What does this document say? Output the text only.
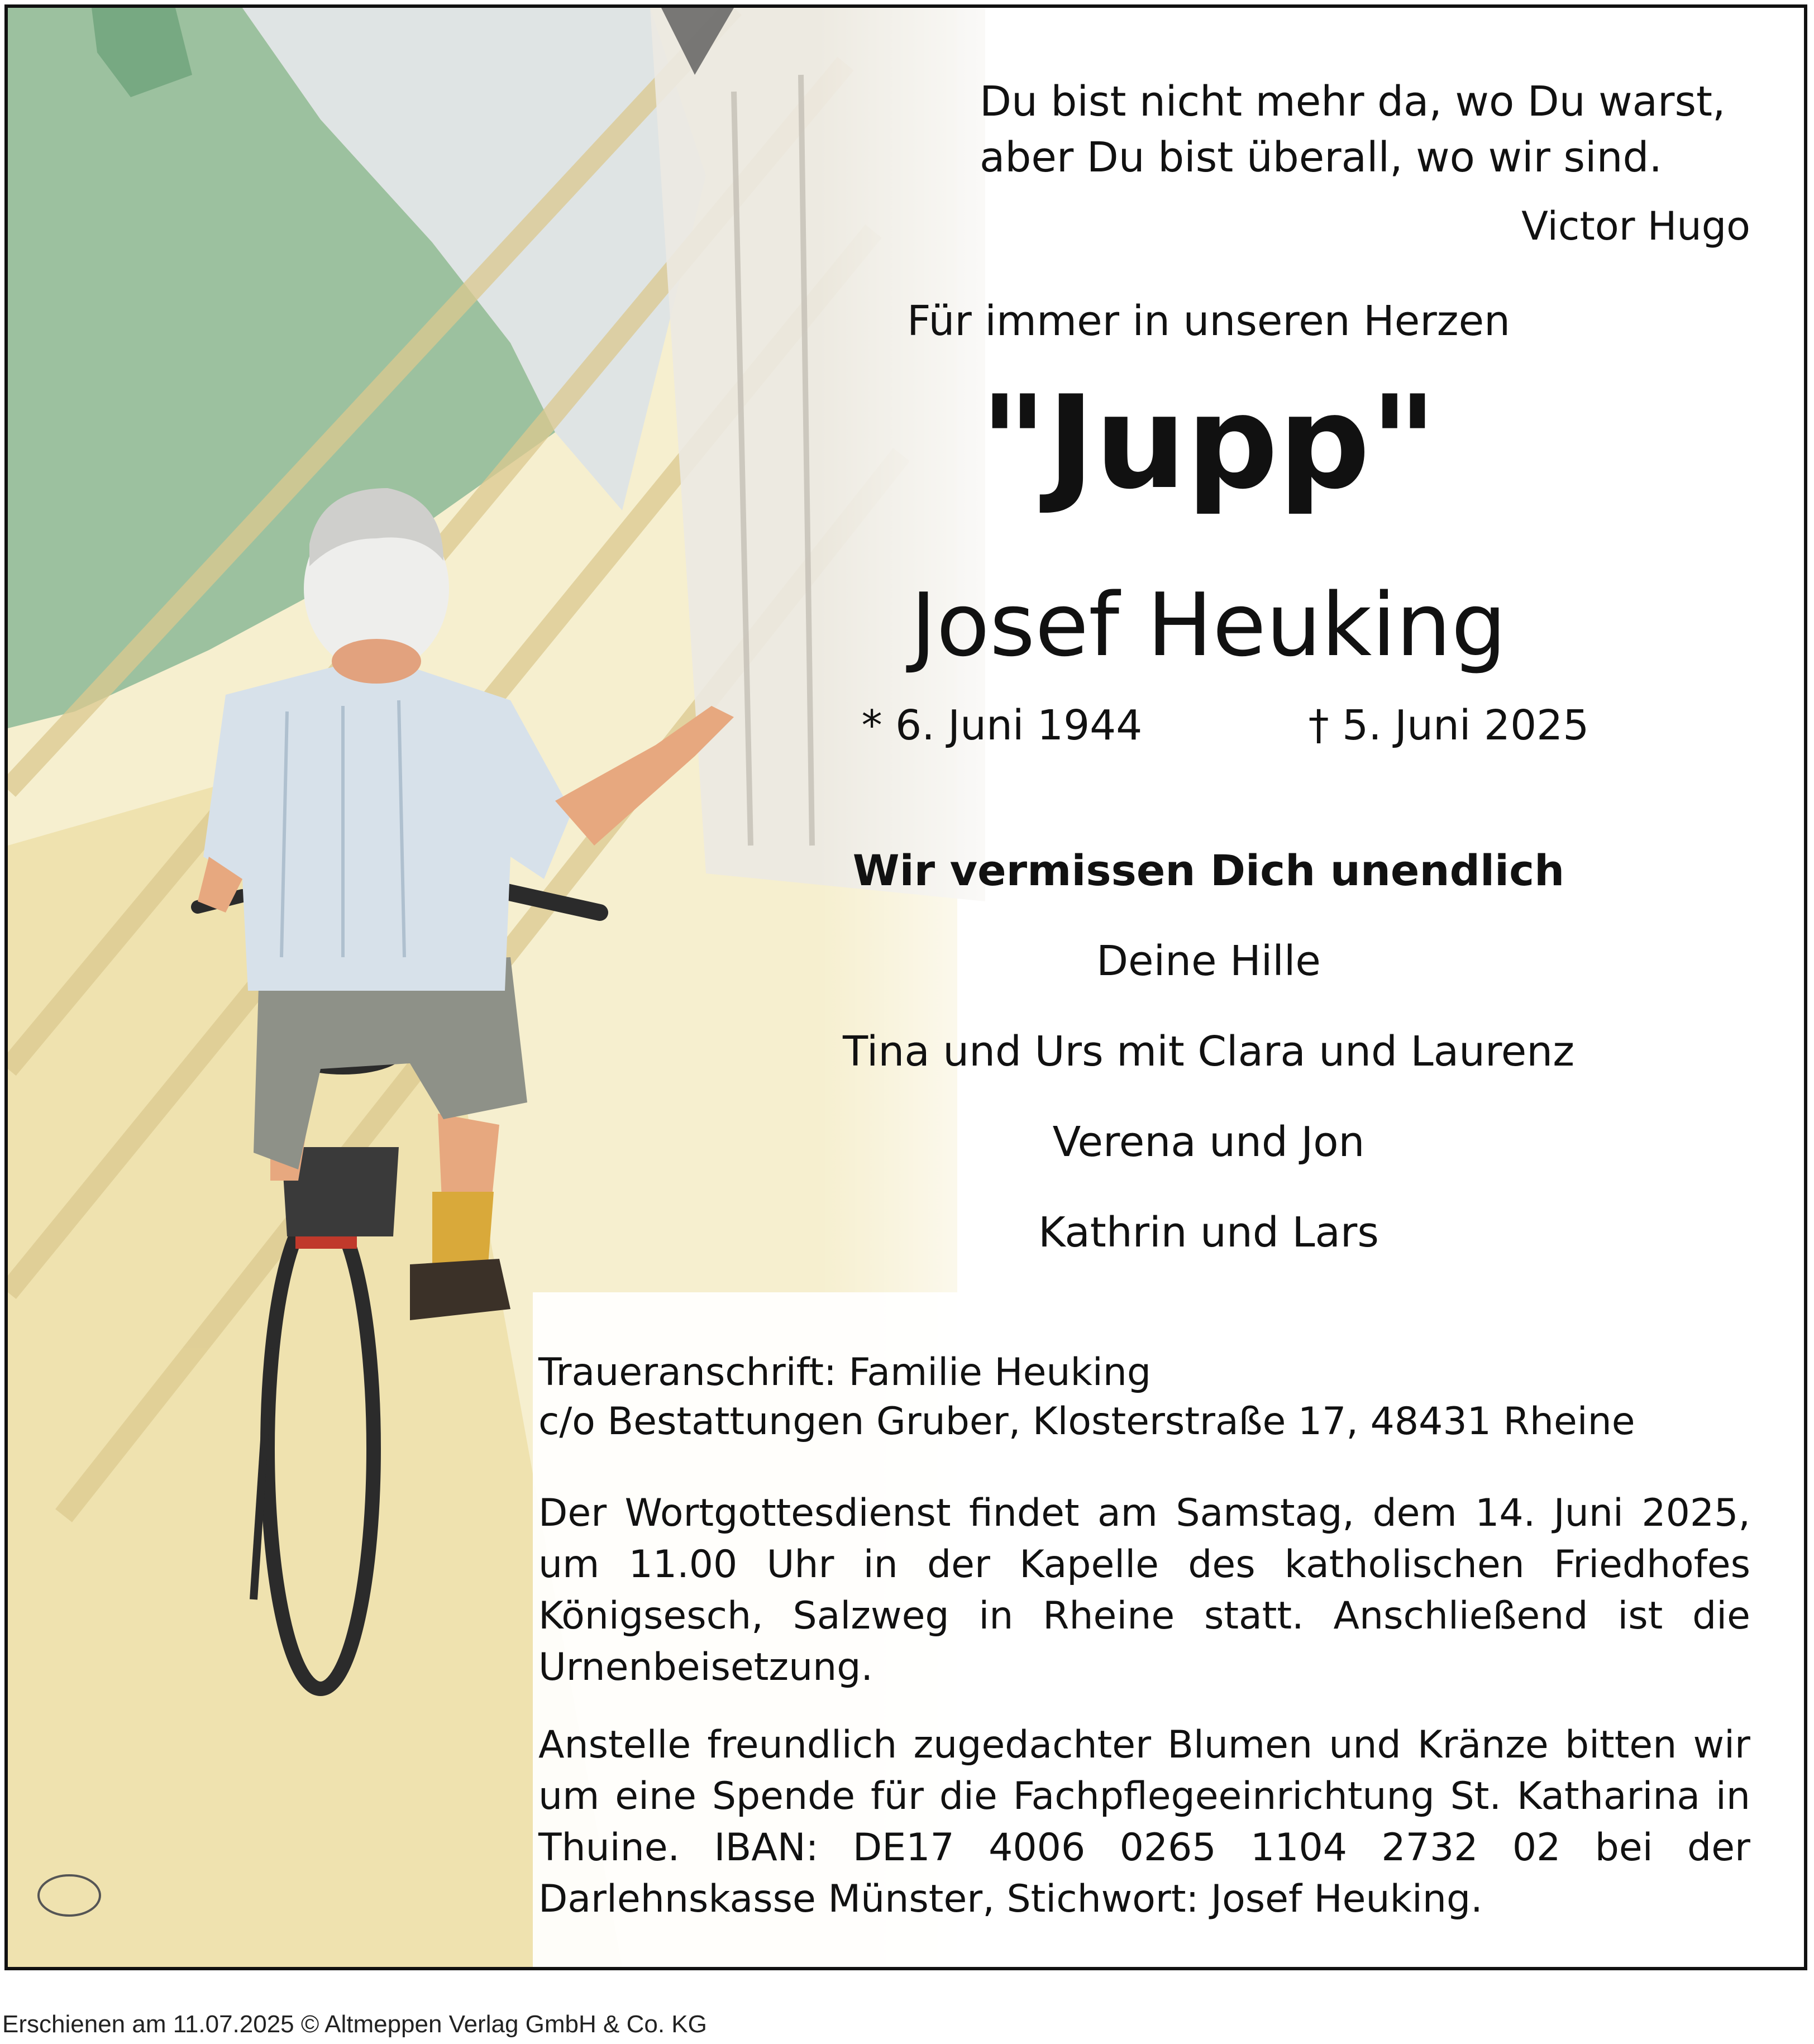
Du bist nicht mehr da, wo Du warst,
aber Du bist überall, wo wir sind.

Victor Hugo

Für immer in unseren Herzen

"Jupp"

Josef Heuking

* 6. Juni 1944	† 5. Juni 2025

Wir vermissen Dich unendlich

Deine Hille

Tina und Urs mit Clara und Laurenz

Verena und Jon

Kathrin und Lars

Traueranschrift: Familie Heuking
c/o Bestattungen Gruber, Klosterstraße 17, 48431 Rheine

Der Wortgottesdienst findet am Samstag, dem 14. Juni 2025, um 11.00 Uhr in der Kapelle des katholischen Friedhofes Königsesch, Salzweg in Rheine statt. Anschließend ist die Urnenbeisetzung.

Anstelle freundlich zugedachter Blumen und Kränze bitten wir um eine Spende für die Fachpflegeeinrichtung St. Katharina in Thuine. IBAN: DE17 4006 0265 1104 2732 02 bei der Darlehnskasse Münster, Stichwort: Josef Heuking.

Erschienen am 11.07.2025 © Altmeppen Verlag GmbH & Co. KG
